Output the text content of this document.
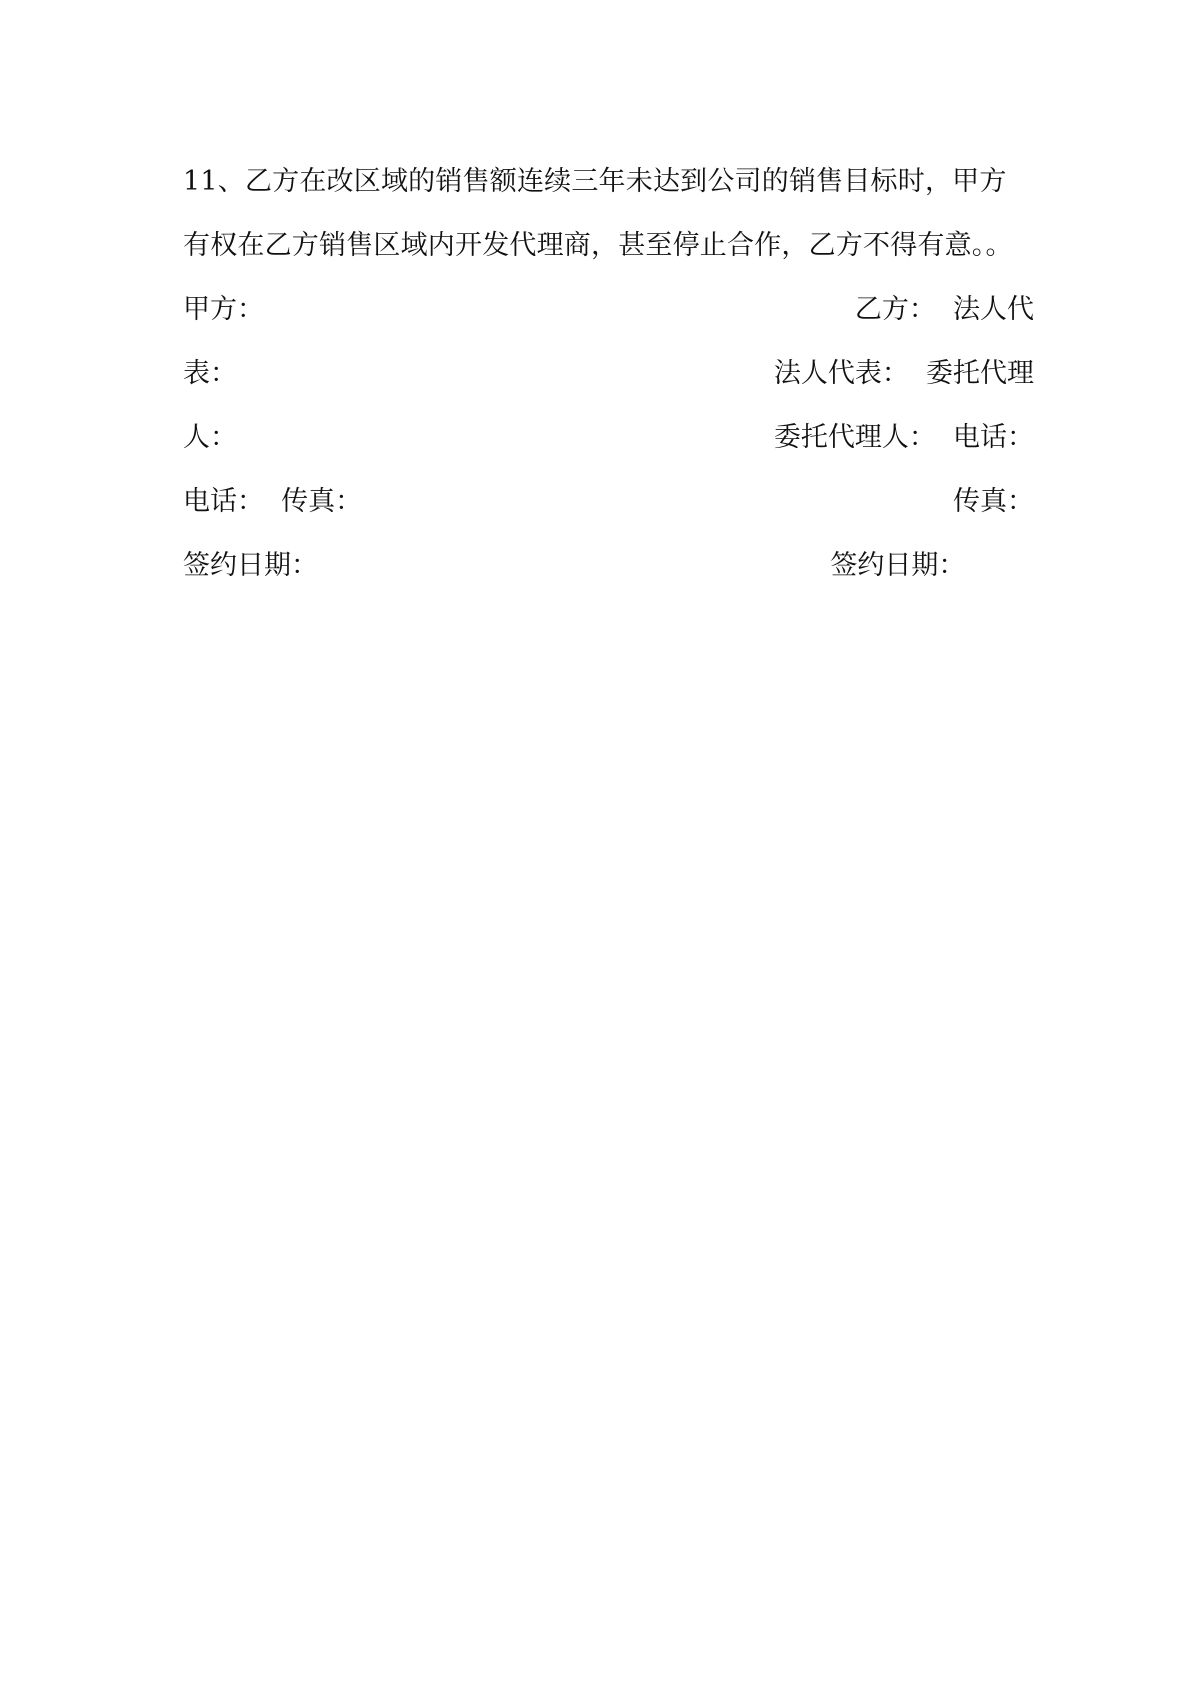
11、乙方在改区域的销售额连续三年未达到公司的销售目标时，甲方
有权在乙方销售区域内开发代理商，甚至停止合作，乙方不得有意。。
甲方：	乙方：  法人代
表：	法人代表：  委托代理
人：	委托代理人：  电话：
电话：  传真：	传真：
签约日期：	签约日期：
